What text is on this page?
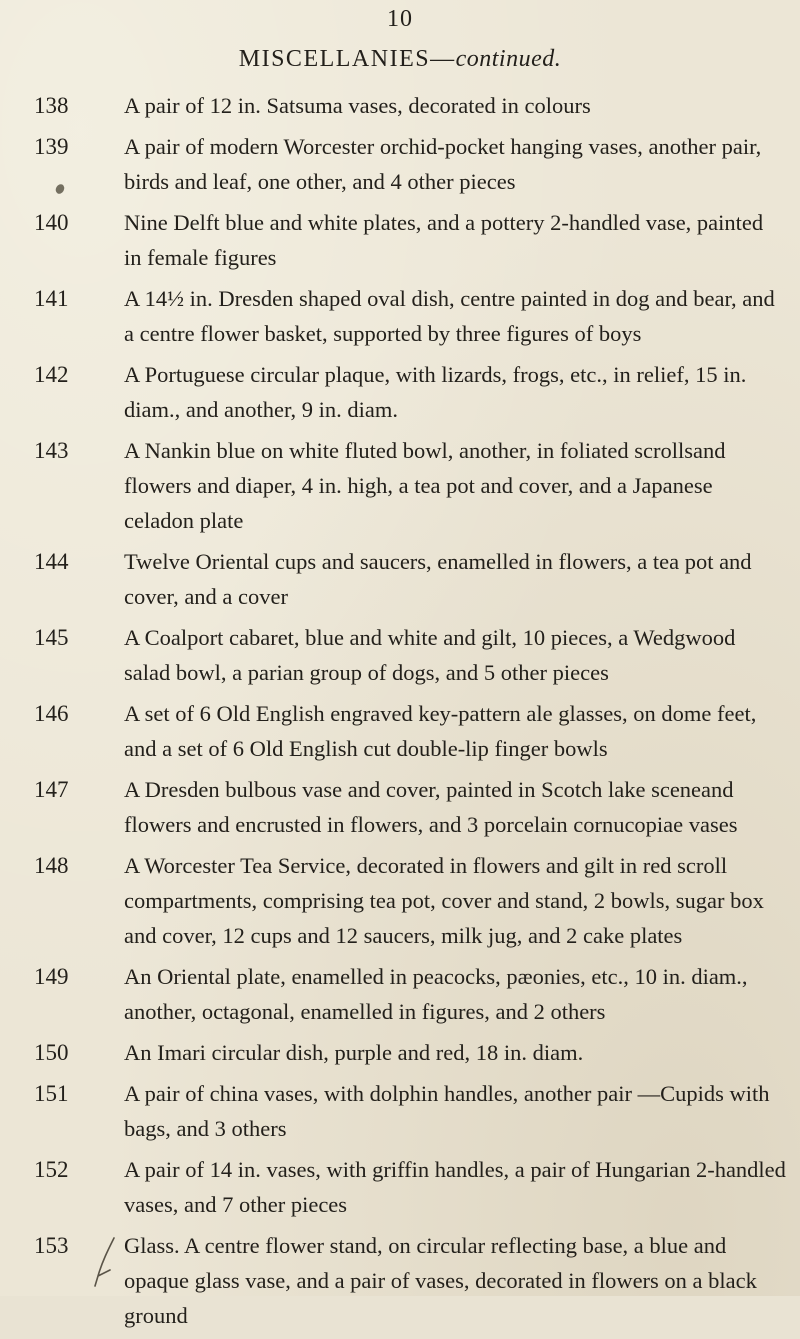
10
MISCELLANIES—continued.
138	A pair of 12 in. Satsuma vases, decorated in colours
139	A pair of modern Worcester orchid-pocket hanging vases, another pair, birds and leaf, one other, and 4 other pieces
140	Nine Delft blue and white plates, and a pottery 2-handled vase, painted in female figures
141	A 14½ in. Dresden shaped oval dish, centre painted in dog and bear, and a centre flower basket, supported by three figures of boys
142	A Portuguese circular plaque, with lizards, frogs, etc., in relief, 15 in. diam., and another, 9 in. diam.
143	A Nankin blue on white fluted bowl, another, in foliated scrollsand flowers and diaper, 4 in. high, a tea pot and cover, and a Japanese celadon plate
144	Twelve Oriental cups and saucers, enamelled in flowers, a tea pot and cover, and a cover
145	A Coalport cabaret, blue and white and gilt, 10 pieces, a Wedgwood salad bowl, a parian group of dogs, and 5 other pieces
146	A set of 6 Old English engraved key-pattern ale glasses, on dome feet, and a set of 6 Old English cut double-lip finger bowls
147	A Dresden bulbous vase and cover, painted in Scotch lake sceneand flowers and encrusted in flowers, and 3 porcelain cornucopiae vases
148	A Worcester Tea Service, decorated in flowers and gilt in red scroll compartments, comprising tea pot, cover and stand, 2 bowls, sugar box and cover, 12 cups and 12 saucers, milk jug, and 2 cake plates
149	An Oriental plate, enamelled in peacocks, pæonies, etc., 10 in. diam., another, octagonal, enamelled in figures, and 2 others
150	An Imari circular dish, purple and red, 18 in. diam.
151	A pair of china vases, with dolphin handles, another pair —Cupids with bags, and 3 others
152	A pair of 14 in. vases, with griffin handles, a pair of Hungarian 2-handled vases, and 7 other pieces
153	Glass. A centre flower stand, on circular reflecting base, a blue and opaque glass vase, and a pair of vases, decorated in flowers on a black ground
